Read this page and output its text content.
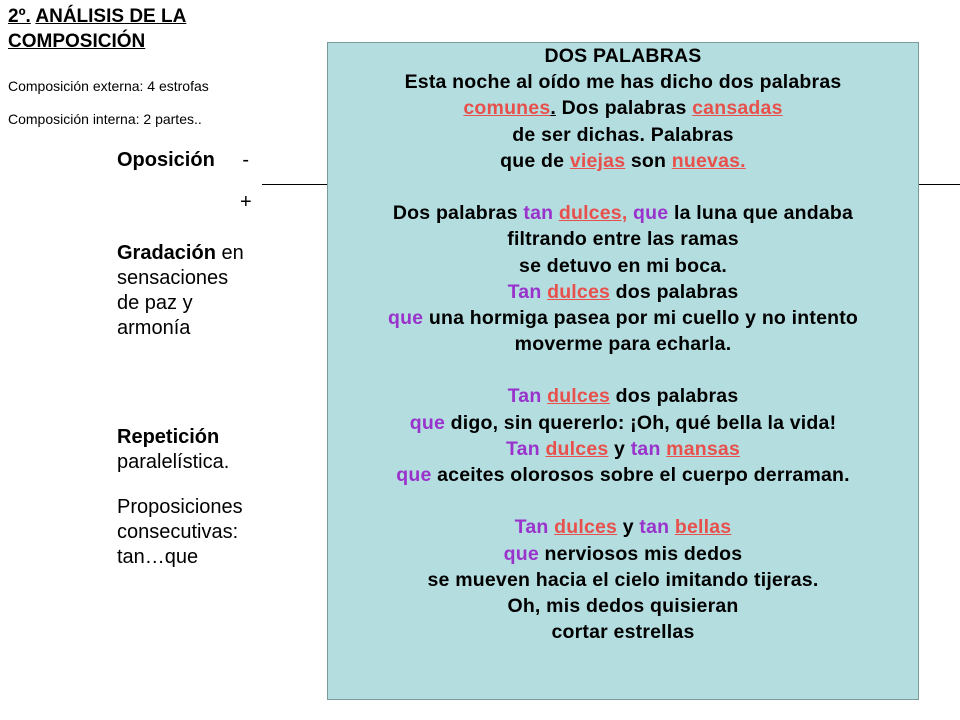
2º. ANÁLISIS DE LA COMPOSICIÓN
Composición externa: 4 estrofas
Composición interna: 2 partes..
Oposición -
+
Gradación en
sensaciones
de paz y
armonía
Repetición
paralelística.
Proposiciones
consecutivas:
tan…que
DOS PALABRAS
Esta noche al oído me has dicho dos palabras
comunes. Dos palabras cansadas
de ser dichas. Palabras
que de viejas son nuevas.
Dos palabras tan dulces, que la luna que andaba
filtrando entre las ramas
se detuvo en mi boca.
Tan dulces dos palabras
que una hormiga pasea por mi cuello y no intento
moverme para echarla.
Tan dulces dos palabras
que digo, sin quererlo: ¡Oh, qué bella la vida!
Tan dulces y tan mansas
que aceites olorosos sobre el cuerpo derraman.
Tan dulces y tan bellas
que nerviosos mis dedos
se mueven hacia el cielo imitando tijeras.
Oh, mis dedos quisieran
cortar estrellas
